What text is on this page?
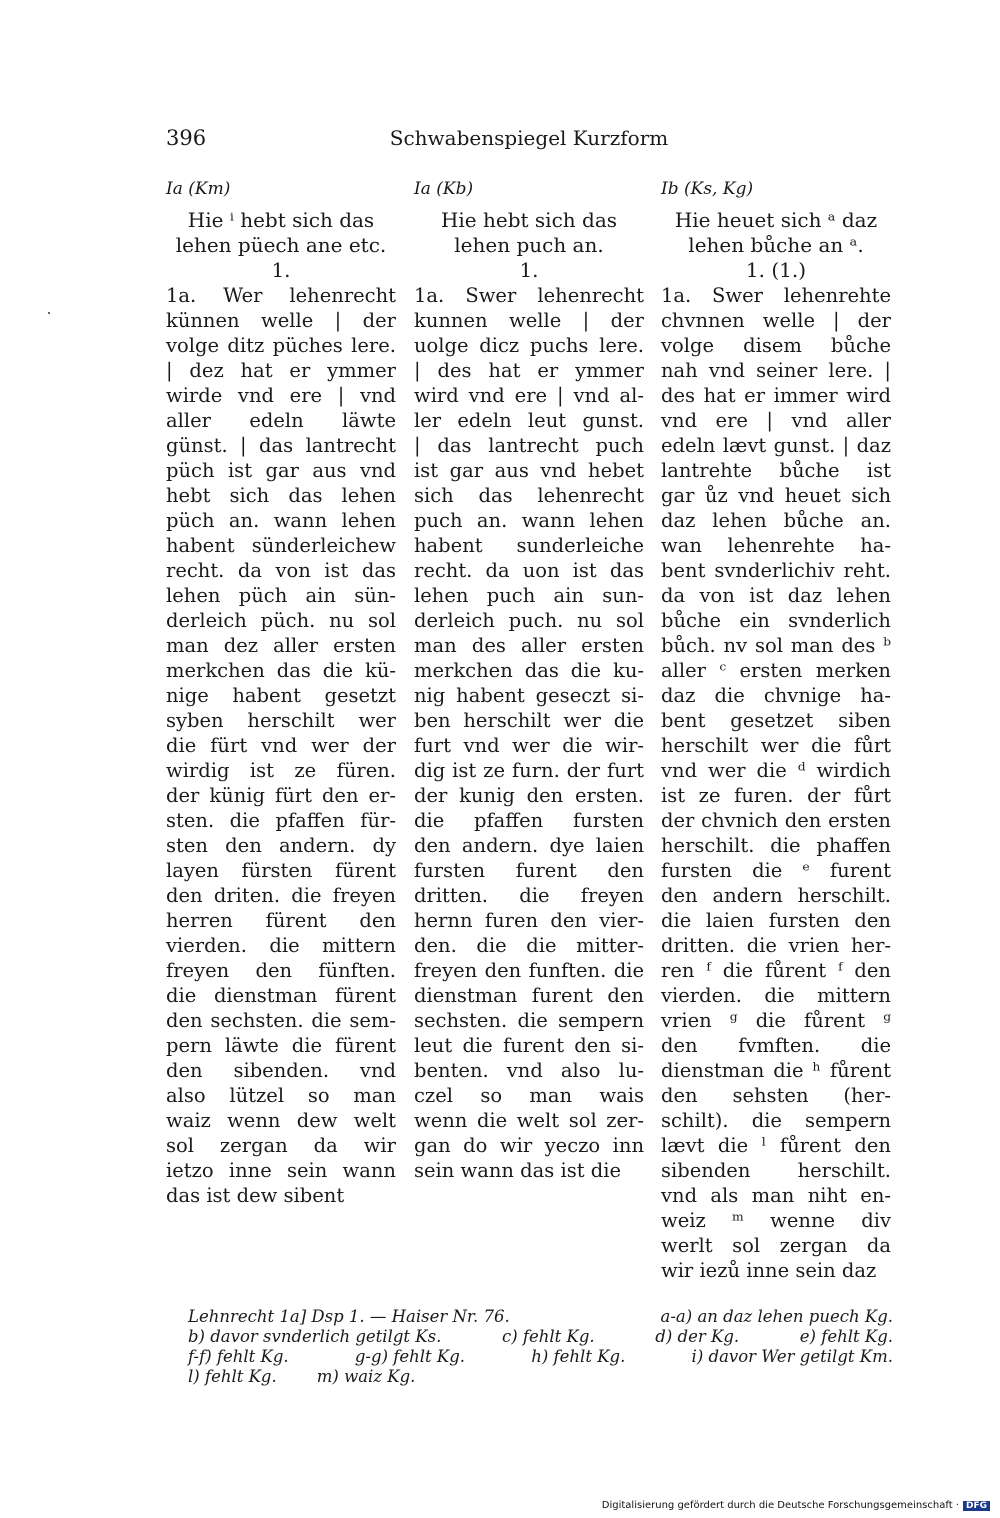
396	Schwabenspiegel Kurzform
Ia (Km)
Hie ⁱ hebt sich das
lehen püech ane etc.
1.
1a. Wer lehenrecht
künnen welle | der
volge ditz püches lere.
| dez hat er ymmer
wirde vnd ere | vnd
aller edeln läwte
günst. | das lantrecht
püch ist gar aus vnd
hebt sich das lehen
püch an. wann lehen
habent sünderleichew
recht. da von ist das
lehen püch ain sün-
derleich püch. nu sol
man dez aller ersten
merkchen das die kü-
nige habent gesetzt
syben herschilt wer
die fürt vnd wer der
wirdig ist ze füren.
der künig fürt den er-
sten. die pfaffen für-
sten den andern. dy
layen fürsten fürent
den driten. die freyen
herren fürent den
vierden. die mittern
freyen den fünften.
die dienstman fürent
den sechsten. die sem-
pern läwte die fürent
den sibenden. vnd
also lützel so man
waiz wenn dew welt
sol zergan da wir
ietzo inne sein wann
das ist dew sibent
Ia (Kb)
Hie hebt sich das
lehen puch an.
1.
1a. Swer lehenrecht
kunnen welle | der
uolge dicz puchs lere.
| des hat er ymmer
wird vnd ere | vnd al-
ler edeln leut gunst.
| das lantrecht puch
ist gar aus vnd hebet
sich das lehenrecht
puch an. wann lehen
habent sunderleiche
recht. da uon ist das
lehen puch ain sun-
derleich puch. nu sol
man des aller ersten
merkchen das die ku-
nig habent geseczt si-
ben herschilt wer die
furt vnd wer die wir-
dig ist ze furn. der furt
der kunig den ersten.
die pfaffen fursten
den andern. dye laien
fursten furent den
dritten. die freyen
hernn furen den vier-
den. die die mitter-
freyen den funften. die
dienstman furent den
sechsten. die sempern
leut die furent den si-
benten. vnd also lu-
czel so man wais
wenn die welt sol zer-
gan do wir yeczo inn
sein wann das ist die
Ib (Ks, Kg)
Hie heuet sich ᵃ daz
lehen bůche an ᵃ.
1. (1.)
1a. Swer lehenrehte
chvnnen welle | der
volge disem bůche
nah vnd seiner lere. |
des hat er immer wird
vnd ere | vnd aller
edeln lævt gunst. | daz
lantrehte bůche ist
gar ůz vnd heuet sich
daz lehen bůche an.
wan lehenrehte ha-
bent svnderlichiv reht.
da von ist daz lehen
bůche ein svnderlich
bůch. nv sol man des ᵇ
aller ᶜ ersten merken
daz die chvnige ha-
bent gesetzet siben
herschilt wer die fůrt
vnd wer die ᵈ wirdich
ist ze furen. der fůrt
der chvnich den ersten
herschilt. die phaffen
fursten die ᵉ furent
den andern herschilt.
die laien fursten den
dritten. die vrien her-
ren ᶠ die fůrent ᶠ den
vierden. die mittern
vrien ᵍ die fůrent ᵍ
den fvmften. die
dienstman die ʰ fůrent
den sehsten (her-
schilt). die sempern
lævt die ˡ fůrent den
sibenden herschilt.
vnd als man niht en-
weiz ᵐ wenne div
werlt sol zergan da
wir iezů inne sein daz
Lehnrecht 1a] Dsp 1. — Haiser Nr. 76.	a-a) an daz lehen puech Kg.
b) davor svnderlich getilgt Ks.	c) fehlt Kg.	d) der Kg.	e) fehlt Kg.
f-f) fehlt Kg.	g-g) fehlt Kg.	h) fehlt Kg.	i) davor Wer getilgt Km.
l) fehlt Kg. m) waiz Kg.
Digitalisierung gefördert durch die Deutsche Forschungsgemeinschaft · DFG
